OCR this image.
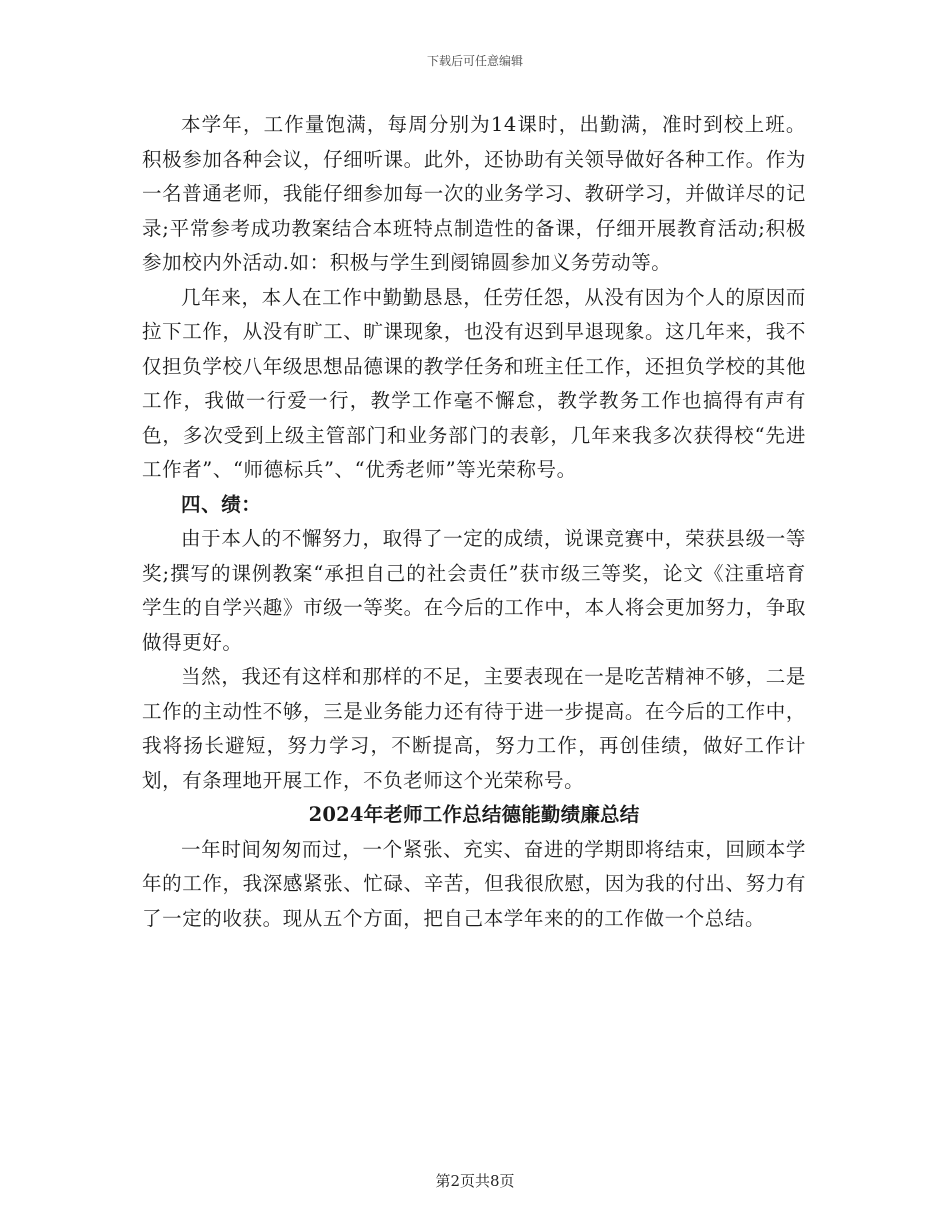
下载后可任意编辑

本学年，工作量饱满，每周分别为14课时，出勤满，准时到校上班。积极参加各种会议，仔细听课。此外，还协助有关领导做好各种工作。作为一名普通老师，我能仔细参加每一次的业务学习、教研学习，并做详尽的记录;平常参考成功教案结合本班特点制造性的备课，仔细开展教育活动;积极参加校内外活动.如：积极与学生到阌锦圆参加义务劳动等。

几年来，本人在工作中勤勤恳恳，任劳任怨，从没有因为个人的原因而拉下工作，从没有旷工、旷课现象，也没有迟到早退现象。这几年来，我不仅担负学校八年级思想品德课的教学任务和班主任工作，还担负学校的其他工作，我做一行爱一行，教学工作毫不懈怠，教学教务工作也搞得有声有色，多次受到上级主管部门和业务部门的表彰，几年来我多次获得校“先进工作者”、“师德标兵”、“优秀老师”等光荣称号。

四、绩：

由于本人的不懈努力，取得了一定的成绩，说课竞赛中，荣获县级一等奖;撰写的课例教案“承担自己的社会责任”获市级三等奖，论文《注重培育学生的自学兴趣》市级一等奖。在今后的工作中，本人将会更加努力，争取做得更好。

当然，我还有这样和那样的不足，主要表现在一是吃苦精神不够，二是工作的主动性不够，三是业务能力还有待于进一步提高。在今后的工作中，我将扬长避短，努力学习，不断提高，努力工作，再创佳绩，做好工作计划，有条理地开展工作，不负老师这个光荣称号。

2024年老师工作总结德能勤绩廉总结

一年时间匆匆而过，一个紧张、充实、奋进的学期即将结束，回顾本学年的工作，我深感紧张、忙碌、辛苦，但我很欣慰，因为我的付出、努力有了一定的收获。现从五个方面，把自己本学年来的的工作做一个总结。

第2页共8页
